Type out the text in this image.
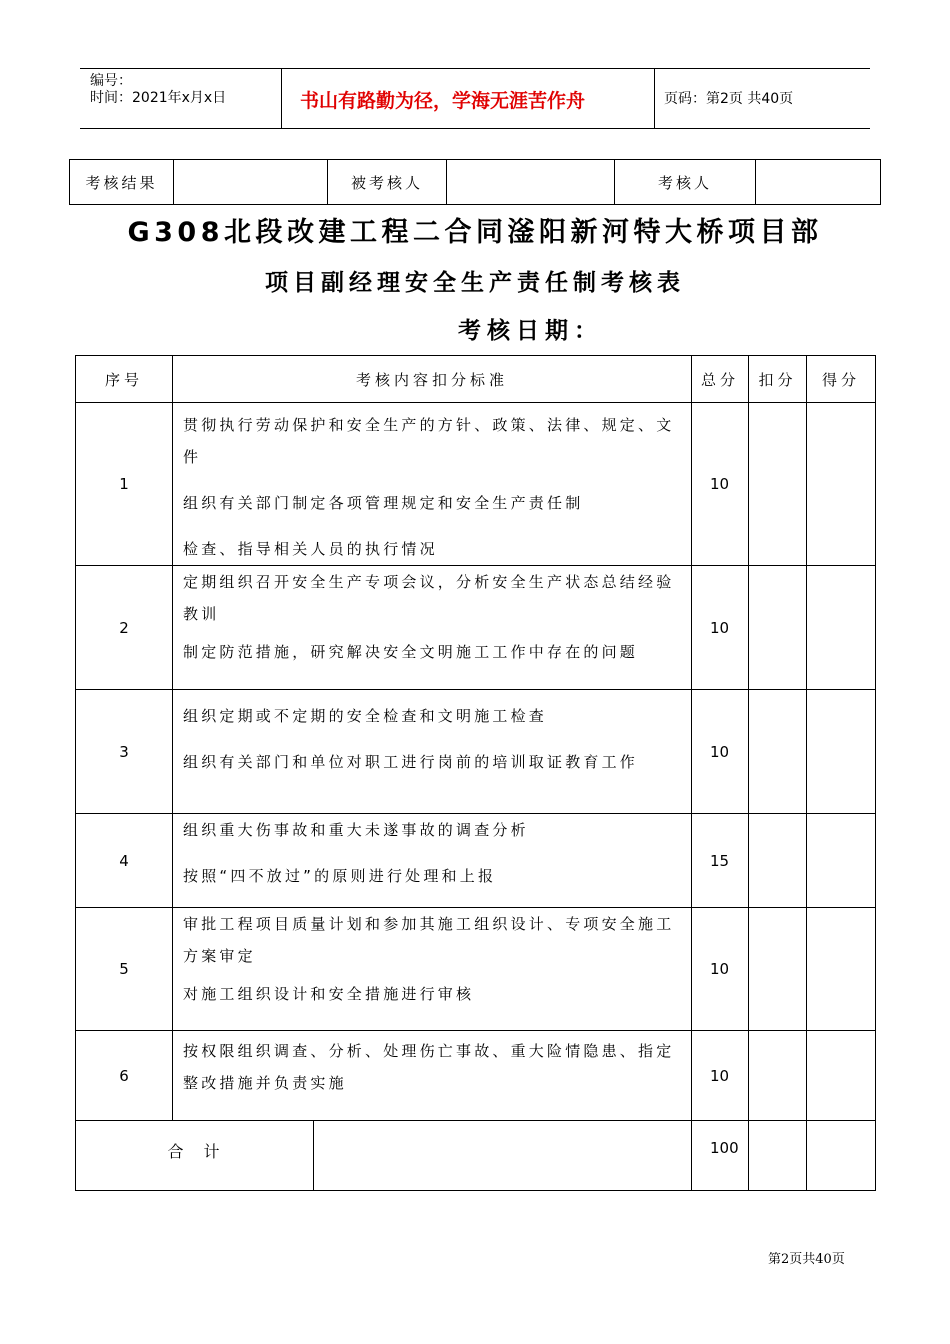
编号：
时间：2021年x月x日	书山有路勤为径，学海无涯苦作舟	页码：第2页 共40页
考核结果		被考核人		考核人	
G308北段改建工程二合同滏阳新河特大桥项目部
项目副经理安全生产责任制考核表
考核日期：
序号	考核内容扣分标准		总分	扣分	得分
1	贯彻执行劳动保护和安全生产的方针、政策、法律、规定、文件
组织有关部门制定各项管理规定和安全生产责任制
检查、指导相关人员的执行情况		10		
2	定期组织召开安全生产专项会议，分析安全生产状态总结经验教训
制定防范措施，研究解决安全文明施工工作中存在的问题		10		
3	组织定期或不定期的安全检查和文明施工检查
组织有关部门和单位对职工进行岗前的培训取证教育工作		10		
4	组织重大伤事故和重大未遂事故的调查分析
按照“四不放过”的原则进行处理和上报		15		
5	审批工程项目质量计划和参加其施工组织设计、专项安全施工方案审定
对施工组织设计和安全措施进行审核		10		
6	按权限组织调查、分析、处理伤亡事故、重大险情隐患、指定整改措施并负责实施		10		
合　计			100		
第2页共40页
